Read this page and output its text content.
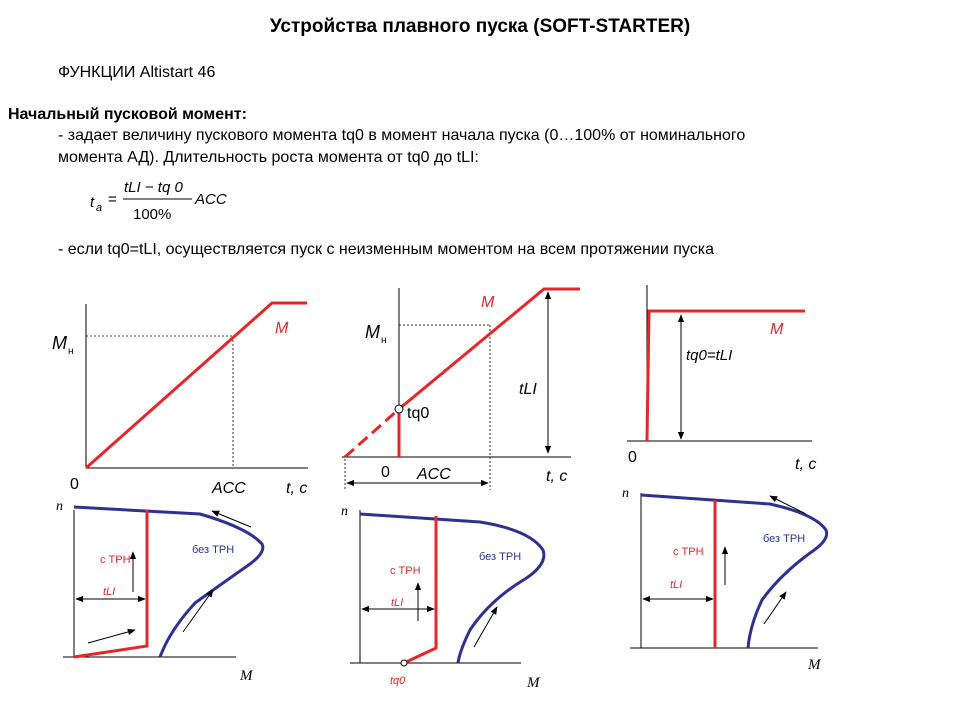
Устройства плавного пуска (SOFT-STARTER)
ФУНКЦИИ Altistart 46
Начальный пусковой момент:
- задает величину пускового момента tq0 в момент начала пуска (0…100% от номинального
момента АД). Длительность роста момента от tq0 до tLI:
- если tq0=tLI, осуществляется пуск с неизменным моментом на всем протяжении пуска
t a =
tLI − tq 0
100%
ACC
M
M н
0	ACC	t, c
M
M н
tq0
tLI
0 ACC	t, c
M
tq0=tLI
0	t, c
n
M
с ТРН
без ТРН
tLI
n
M
с ТРН
без ТРН
tLI
tq0
n
M
с ТРН
без ТРН
tLI
